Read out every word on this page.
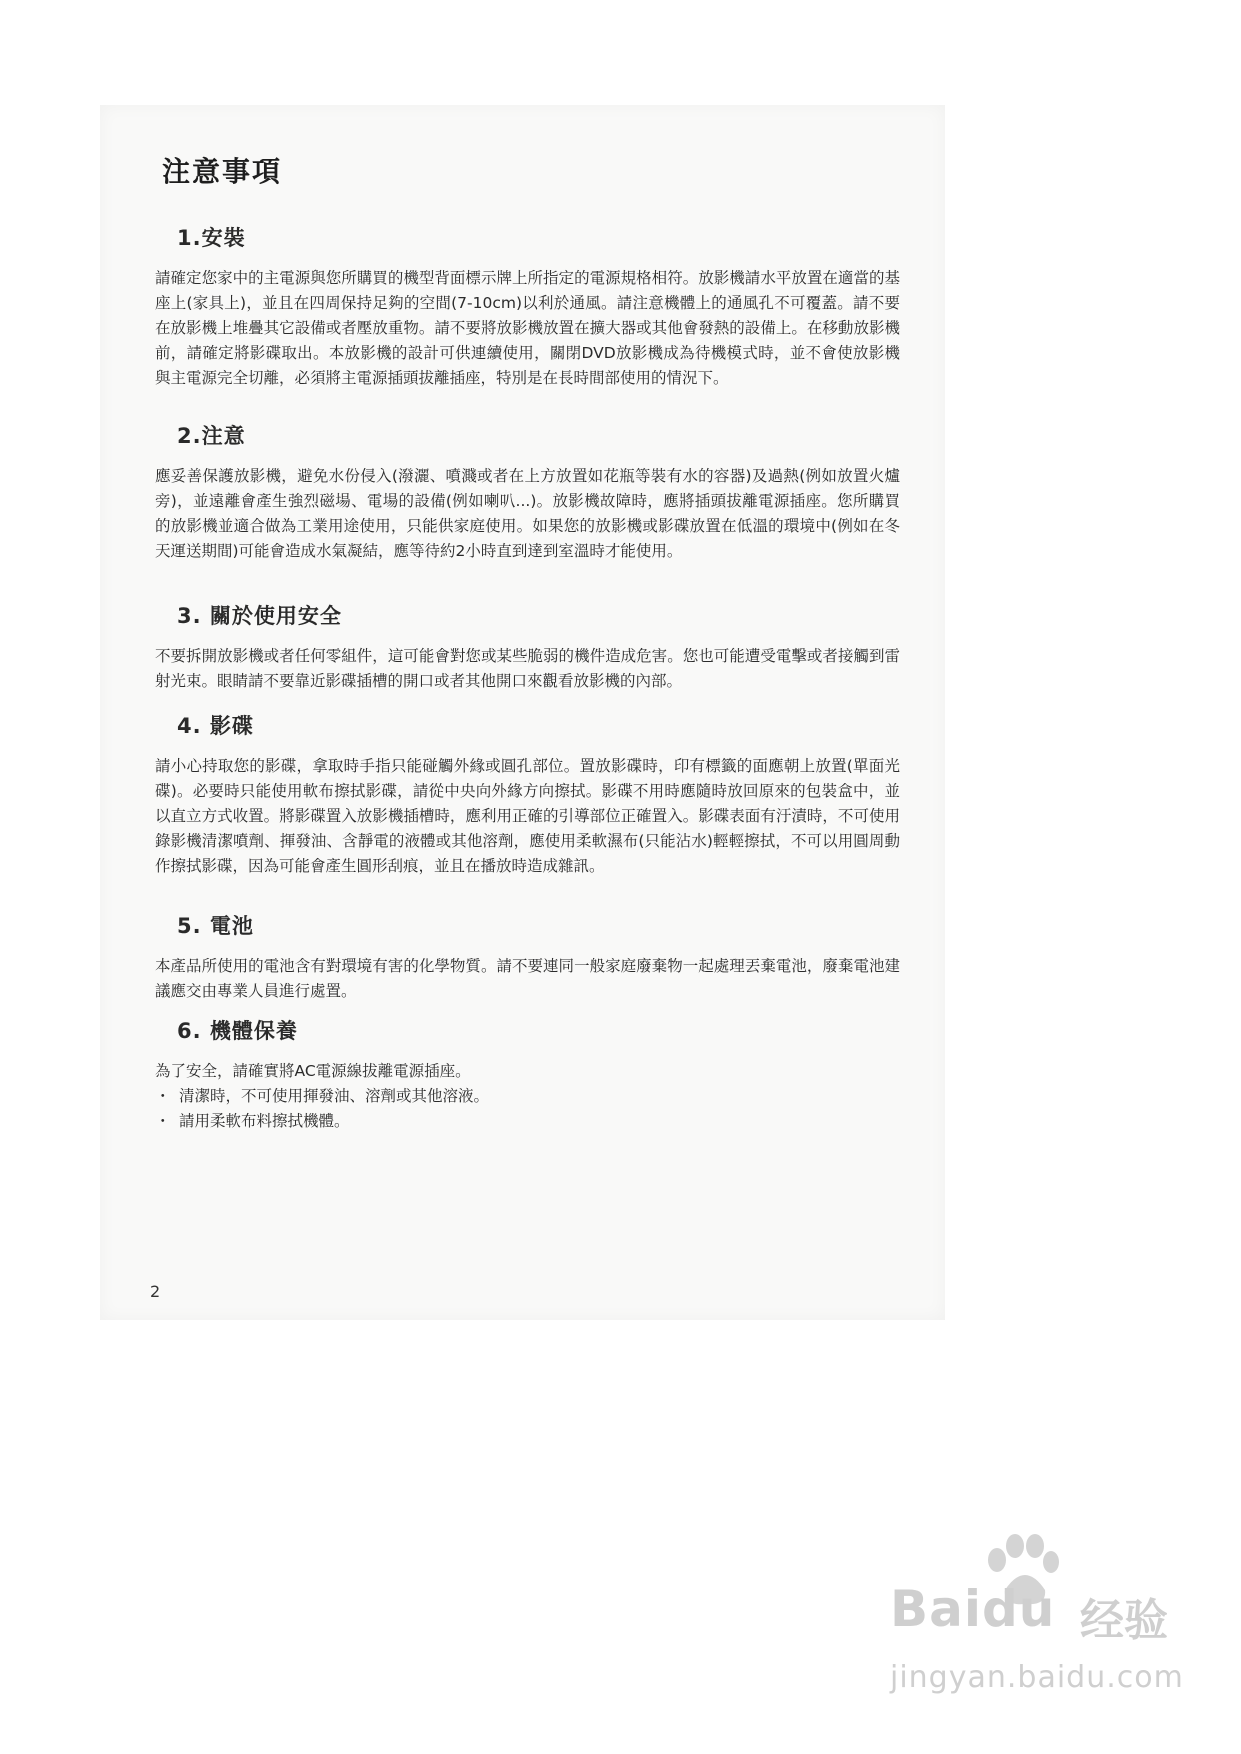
注意事項
1.安裝

請確定您家中的主電源與您所購買的機型背面標示牌上所指定的電源規格相符。放影機請水平放置在適當的基座上(家具上)，並且在四周保持足夠的空間(7-10cm)以利於通風。請注意機體上的通風孔不可覆蓋。請不要在放影機上堆疊其它設備或者壓放重物。請不要將放影機放置在擴大器或其他會發熱的設備上。在移動放影機前，請確定將影碟取出。本放影機的設計可供連續使用，關閉DVD放影機成為待機模式時，並不會使放影機與主電源完全切離，必須將主電源插頭拔離插座，特別是在長時間部使用的情況下。

2.注意

應妥善保護放影機，避免水份侵入(潑灑、噴濺或者在上方放置如花瓶等裝有水的容器)及過熱(例如放置火爐旁)，並遠離會產生強烈磁場、電場的設備(例如喇叭...)。放影機故障時，應將插頭拔離電源插座。您所購買的放影機並適合做為工業用途使用，只能供家庭使用。如果您的放影機或影碟放置在低溫的環境中(例如在冬天運送期間)可能會造成水氣凝結，應等待約2小時直到達到室溫時才能使用。

3. 關於使用安全

不要拆開放影機或者任何零組件，這可能會對您或某些脆弱的機件造成危害。您也可能遭受電擊或者接觸到雷射光束。眼睛請不要靠近影碟插槽的開口或者其他開口來觀看放影機的內部。

4. 影碟

請小心持取您的影碟，拿取時手指只能碰觸外緣或圓孔部位。置放影碟時，印有標籤的面應朝上放置(單面光碟)。必要時只能使用軟布擦拭影碟，請從中央向外緣方向擦拭。影碟不用時應隨時放回原來的包裝盒中，並以直立方式收置。將影碟置入放影機插槽時，應利用正確的引導部位正確置入。影碟表面有汙漬時，不可使用錄影機清潔噴劑、揮發油、含靜電的液體或其他溶劑，應使用柔軟濕布(只能沾水)輕輕擦拭，不可以用圓周動作擦拭影碟，因為可能會產生圓形刮痕，並且在播放時造成雜訊。

5. 電池

本產品所使用的電池含有對環境有害的化學物質。請不要連同一般家庭廢棄物一起處理丟棄電池，廢棄電池建議應交由專業人員進行處置。

6. 機體保養

為了安全，請確實將AC電源線拔離電源插座。

・ 清潔時，不可使用揮發油、溶劑或其他溶液。

・ 請用柔軟布料擦拭機體。

2
Baidu 经验
jingyan.baidu.com
